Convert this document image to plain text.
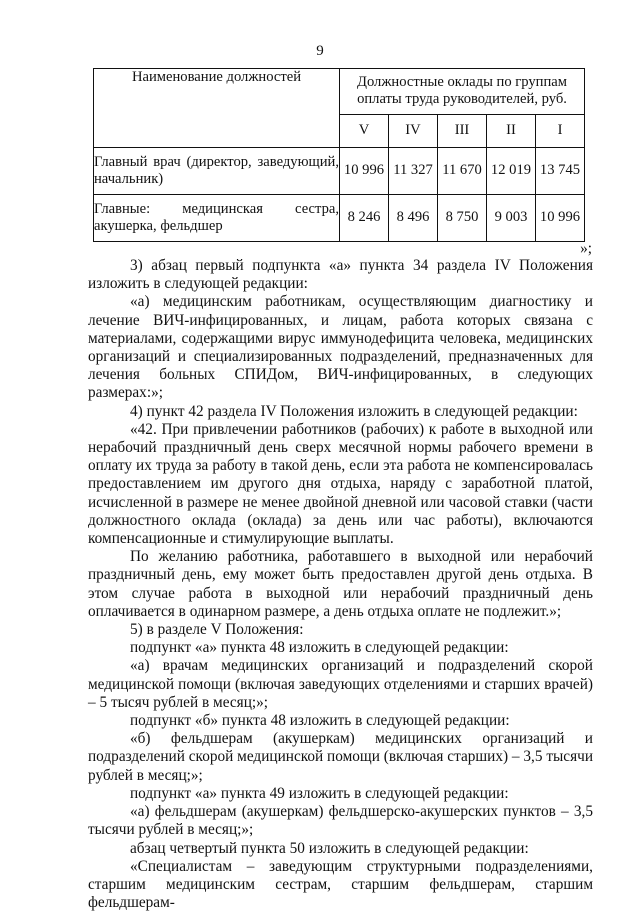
9
Наименование должностей	Должностные оклады по группам оплаты труда руководителей, руб.				
	V	IV	III	II	I
Главный врач (директор, заведующий, начальник)	10 996	11 327	11 670	12 019	13 745
Главные: медицинская сестра, акушерка, фельдшер	8 246	8 496	8 750	9 003	10 996
»;

3) абзац первый подпункта «а» пункта 34 раздела IV Положения изложить в следующей редакции:

«а) медицинским работникам, осуществляющим диагностику и лечение ВИЧ-инфицированных, и лицам, работа которых связана с материалами, содержащими вирус иммунодефицита человека, медицинских организаций и специализированных подразделений, предназначенных для лечения больных СПИДом, ВИЧ-инфицированных, в следующих размерах:»;

4) пункт 42 раздела IV Положения изложить в следующей редакции:

«42. При привлечении работников (рабочих) к работе в выходной или нерабочий праздничный день сверх месячной нормы рабочего времени в оплату их труда за работу в такой день, если эта работа не компенсировалась предоставлением им другого дня отдыха, наряду с заработной платой, исчисленной в размере не менее двойной дневной или часовой ставки (части должностного оклада (оклада) за день или час работы), включаются компенсационные и стимулирующие выплаты.

По желанию работника, работавшего в выходной или нерабочий праздничный день, ему может быть предоставлен другой день отдыха. В этом случае работа в выходной или нерабочий праздничный день оплачивается в одинарном размере, а день отдыха оплате не подлежит.»;

5) в разделе V Положения:

подпункт «а» пункта 48 изложить в следующей редакции:

«а) врачам медицинских организаций и подразделений скорой медицинской помощи (включая заведующих отделениями и старших врачей) – 5 тысяч рублей в месяц;»;

подпункт «б» пункта 48 изложить в следующей редакции:

«б) фельдшерам (акушеркам) медицинских организаций и подразделений скорой медицинской помощи (включая старших) – 3,5 тысячи рублей в месяц;»;

подпункт «а» пункта 49 изложить в следующей редакции:

«а) фельдшерам (акушеркам) фельдшерско-акушерских пунктов – 3,5 тысячи рублей в месяц;»;

абзац четвертый пункта 50 изложить в следующей редакции:

«Специалистам – заведующим структурными подразделениями, старшим медицинским сестрам, старшим фельдшерам, старшим фельдшерам-
